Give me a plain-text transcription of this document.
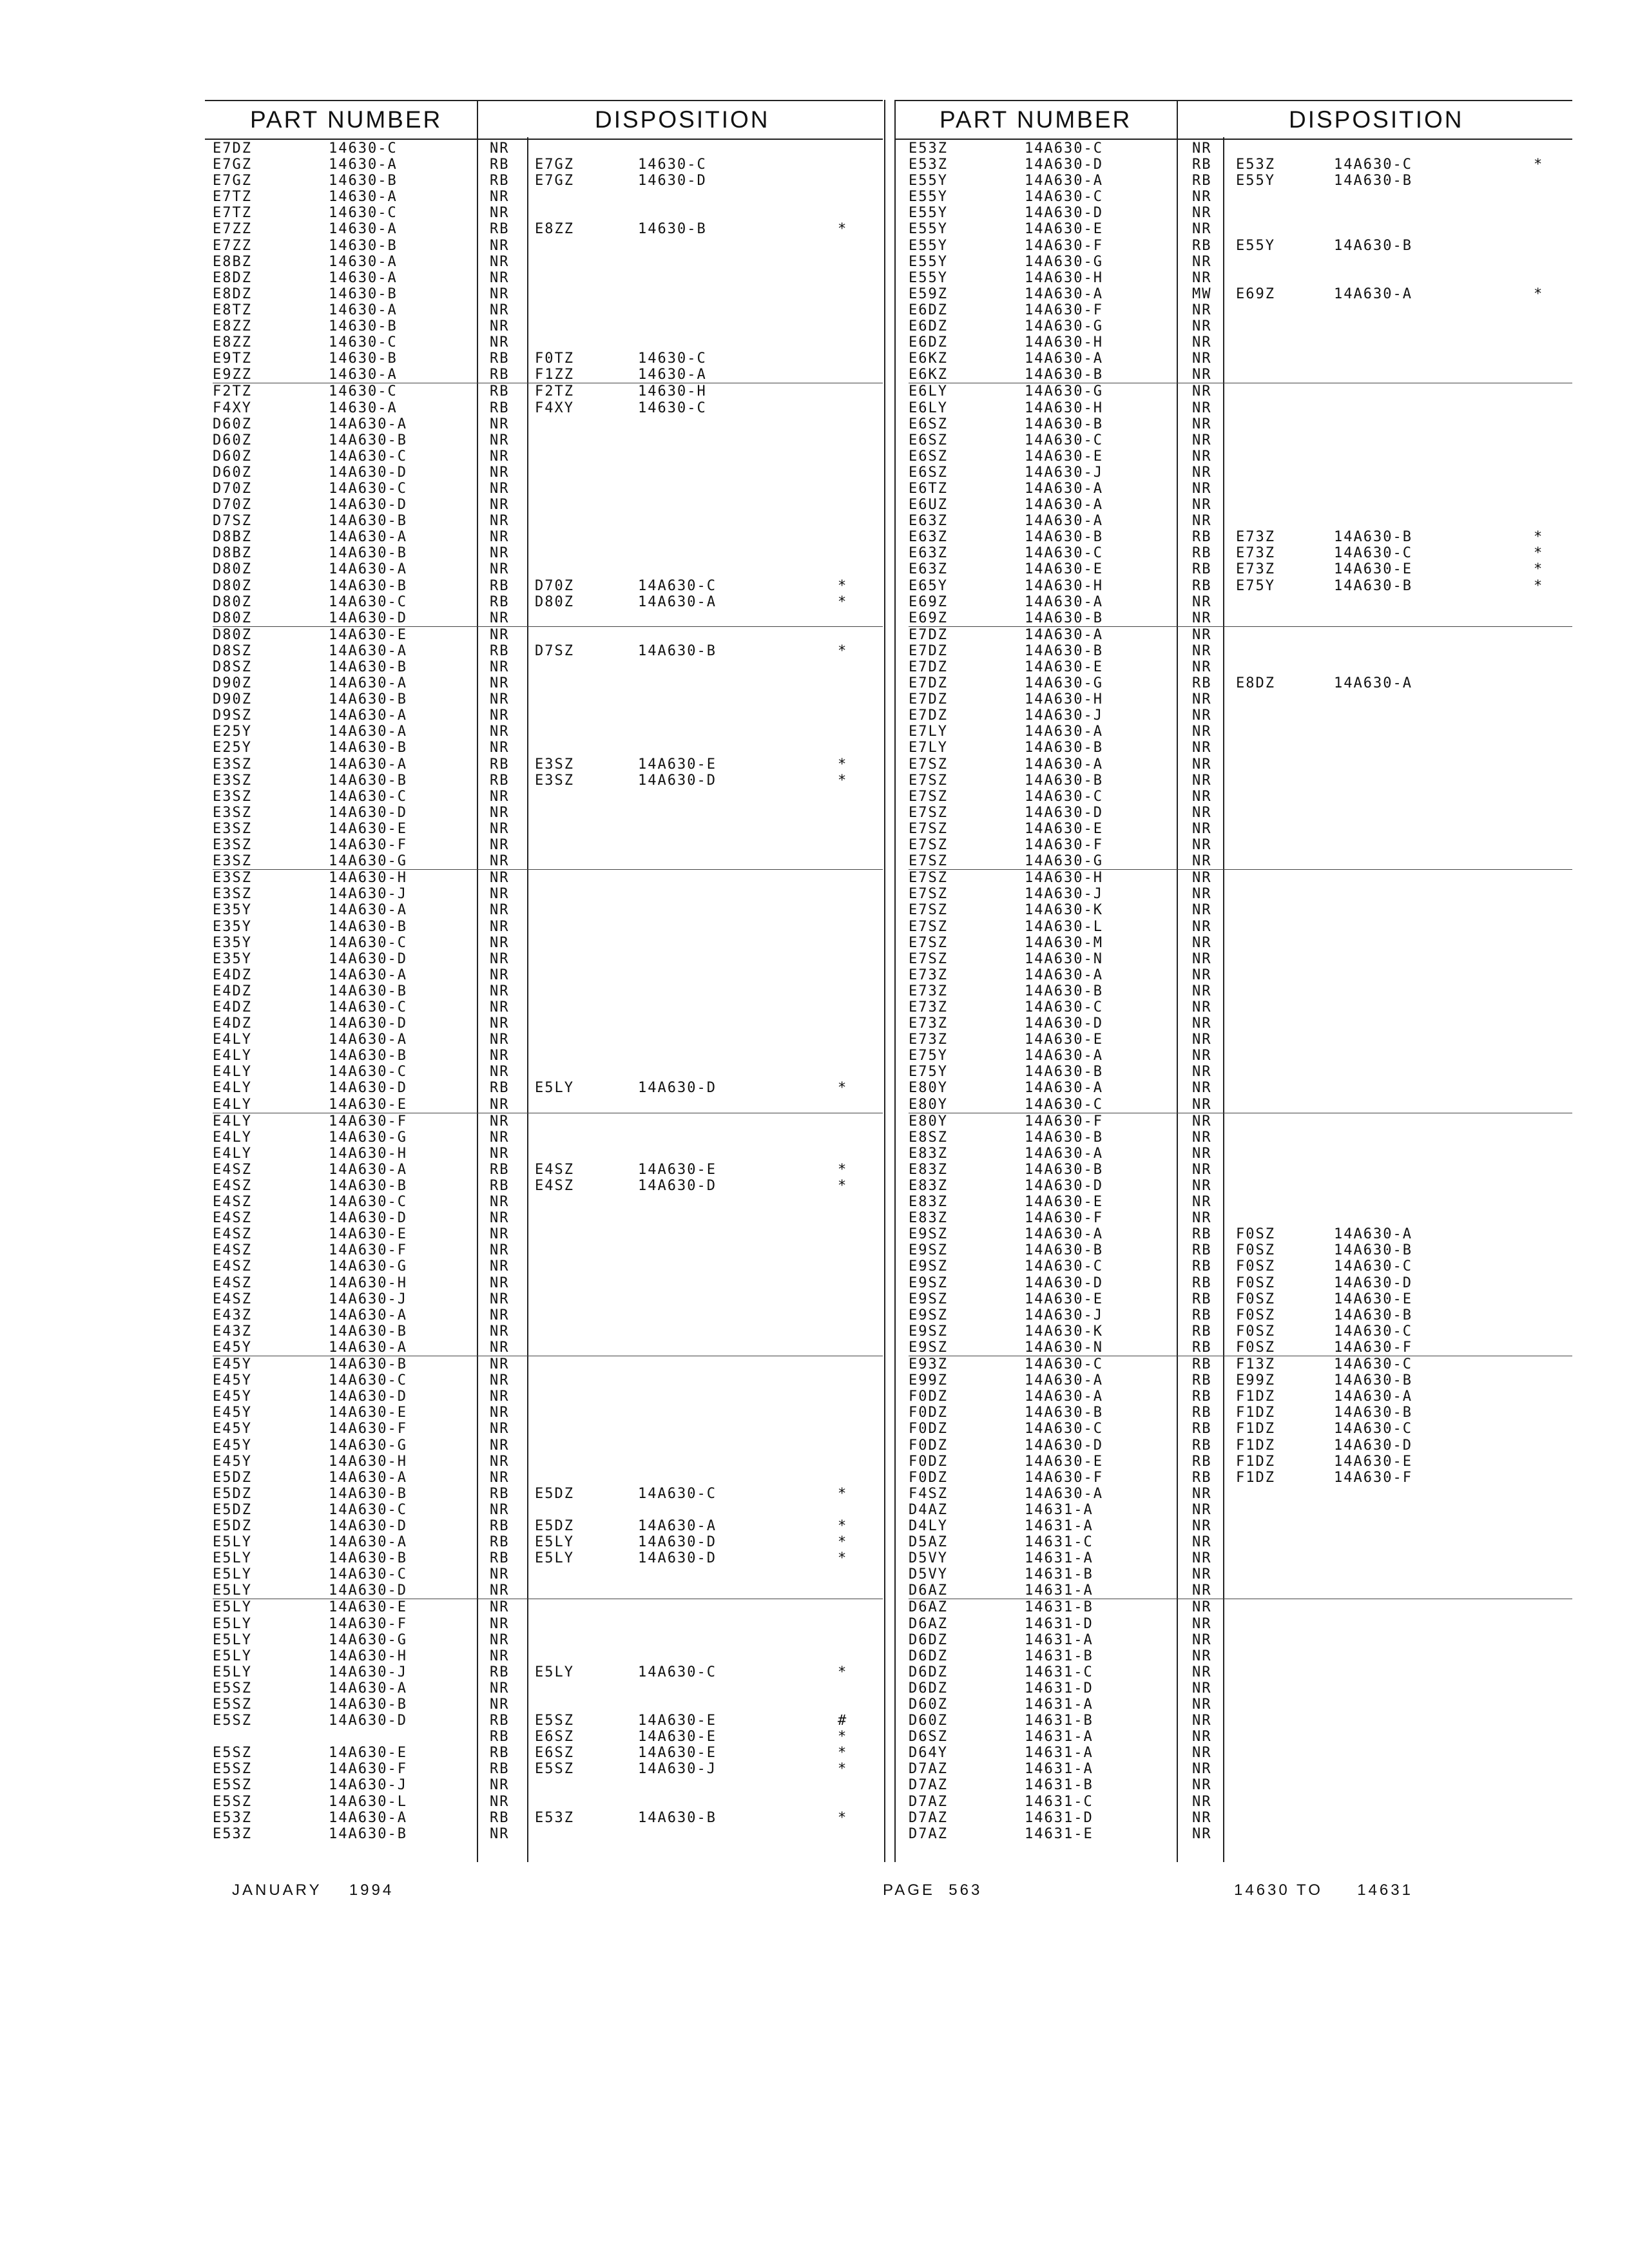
PART NUMBER	DISPOSITION	PART NUMBER	DISPOSITION
E7DZ	14630-C	NR
E7GZ	14630-A	RB E7GZ	14630-C
E7GZ	14630-B	RB E7GZ	14630-D
E7TZ	14630-A	NR
E7TZ	14630-C	NR
E7ZZ	14630-A	RB E8ZZ	14630-B	*
E7ZZ	14630-B	NR
E8BZ	14630-A	NR
E8DZ	14630-A	NR
E8DZ	14630-B	NR
E8TZ	14630-A	NR
E8ZZ	14630-B	NR
E8ZZ	14630-C	NR
E9TZ	14630-B	RB F0TZ	14630-C
E9ZZ	14630-A	RB F1ZZ	14630-A
F2TZ	14630-C	RB F2TZ	14630-H
F4XY	14630-A	RB F4XY	14630-C
D60Z	14A630-A	NR
D60Z	14A630-B	NR
D60Z	14A630-C	NR
D60Z	14A630-D	NR
D70Z	14A630-C	NR
D70Z	14A630-D	NR
D7SZ	14A630-B	NR
D8BZ	14A630-A	NR
D8BZ	14A630-B	NR
D80Z	14A630-A	NR
D80Z	14A630-B	RB D70Z	14A630-C	*
D80Z	14A630-C	RB D80Z	14A630-A	*
D80Z	14A630-D	NR
D80Z	14A630-E	NR
D8SZ	14A630-A	RB D7SZ	14A630-B	*
D8SZ	14A630-B	NR
D90Z	14A630-A	NR
D90Z	14A630-B	NR
D9SZ	14A630-A	NR
E25Y	14A630-A	NR
E25Y	14A630-B	NR
E3SZ	14A630-A	RB E3SZ	14A630-E	*
E3SZ	14A630-B	RB E3SZ	14A630-D	*
E3SZ	14A630-C	NR
E3SZ	14A630-D	NR
E3SZ	14A630-E	NR
E3SZ	14A630-F	NR
E3SZ	14A630-G	NR
E3SZ	14A630-H	NR
E3SZ	14A630-J	NR
E35Y	14A630-A	NR
E35Y	14A630-B	NR
E35Y	14A630-C	NR
E35Y	14A630-D	NR
E4DZ	14A630-A	NR
E4DZ	14A630-B	NR
E4DZ	14A630-C	NR
E4DZ	14A630-D	NR
E4LY	14A630-A	NR
E4LY	14A630-B	NR
E4LY	14A630-C	NR
E4LY	14A630-D	RB E5LY	14A630-D	*
E4LY	14A630-E	NR
E4LY	14A630-F	NR
E4LY	14A630-G	NR
E4LY	14A630-H	NR
E4SZ	14A630-A	RB E4SZ	14A630-E	*
E4SZ	14A630-B	RB E4SZ	14A630-D	*
E4SZ	14A630-C	NR
E4SZ	14A630-D	NR
E4SZ	14A630-E	NR
E4SZ	14A630-F	NR
E4SZ	14A630-G	NR
E4SZ	14A630-H	NR
E4SZ	14A630-J	NR
E43Z	14A630-A	NR
E43Z	14A630-B	NR
E45Y	14A630-A	NR
E45Y	14A630-B	NR
E45Y	14A630-C	NR
E45Y	14A630-D	NR
E45Y	14A630-E	NR
E45Y	14A630-F	NR
E45Y	14A630-G	NR
E45Y	14A630-H	NR
E5DZ	14A630-A	NR
E5DZ	14A630-B	RB E5DZ	14A630-C	*
E5DZ	14A630-C	NR
E5DZ	14A630-D	RB E5DZ	14A630-A	*
E5LY	14A630-A	RB E5LY	14A630-D	*
E5LY	14A630-B	RB E5LY	14A630-D	*
E5LY	14A630-C	NR
E5LY	14A630-D	NR
E5LY	14A630-E	NR
E5LY	14A630-F	NR
E5LY	14A630-G	NR
E5LY	14A630-H	NR
E5LY	14A630-J	RB E5LY	14A630-C	*
E5SZ	14A630-A	NR
E5SZ	14A630-B	NR
E5SZ	14A630-D	RB E5SZ	14A630-E	#
RB E6SZ	14A630-E	*
E5SZ	14A630-E	RB E6SZ	14A630-E	*
E5SZ	14A630-F	RB E5SZ	14A630-J	*
E5SZ	14A630-J	NR
E5SZ	14A630-L	NR
E53Z	14A630-A	RB E53Z	14A630-B	*
E53Z	14A630-B	NR
E53Z	14A630-C	NR
E53Z	14A630-D	RB E53Z	14A630-C	*
E55Y	14A630-A	RB E55Y	14A630-B
E55Y	14A630-C	NR
E55Y	14A630-D	NR
E55Y	14A630-E	NR
E55Y	14A630-F	RB E55Y	14A630-B
E55Y	14A630-G	NR
E55Y	14A630-H	NR
E59Z	14A630-A	MW E69Z	14A630-A	*
E6DZ	14A630-F	NR
E6DZ	14A630-G	NR
E6DZ	14A630-H	NR
E6KZ	14A630-A	NR
E6KZ	14A630-B	NR
E6LY	14A630-G	NR
E6LY	14A630-H	NR
E6SZ	14A630-B	NR
E6SZ	14A630-C	NR
E6SZ	14A630-E	NR
E6SZ	14A630-J	NR
E6TZ	14A630-A	NR
E6UZ	14A630-A	NR
E63Z	14A630-A	NR
E63Z	14A630-B	RB E73Z	14A630-B	*
E63Z	14A630-C	RB E73Z	14A630-C	*
E63Z	14A630-E	RB E73Z	14A630-E	*
E65Y	14A630-H	RB E75Y	14A630-B	*
E69Z	14A630-A	NR
E69Z	14A630-B	NR
E7DZ	14A630-A	NR
E7DZ	14A630-B	NR
E7DZ	14A630-E	NR
E7DZ	14A630-G	RB E8DZ	14A630-A
E7DZ	14A630-H	NR
E7DZ	14A630-J	NR
E7LY	14A630-A	NR
E7LY	14A630-B	NR
E7SZ	14A630-A	NR
E7SZ	14A630-B	NR
E7SZ	14A630-C	NR
E7SZ	14A630-D	NR
E7SZ	14A630-E	NR
E7SZ	14A630-F	NR
E7SZ	14A630-G	NR
E7SZ	14A630-H	NR
E7SZ	14A630-J	NR
E7SZ	14A630-K	NR
E7SZ	14A630-L	NR
E7SZ	14A630-M	NR
E7SZ	14A630-N	NR
E73Z	14A630-A	NR
E73Z	14A630-B	NR
E73Z	14A630-C	NR
E73Z	14A630-D	NR
E73Z	14A630-E	NR
E75Y	14A630-A	NR
E75Y	14A630-B	NR
E80Y	14A630-A	NR
E80Y	14A630-C	NR
E80Y	14A630-F	NR
E8SZ	14A630-B	NR
E83Z	14A630-A	NR
E83Z	14A630-B	NR
E83Z	14A630-D	NR
E83Z	14A630-E	NR
E83Z	14A630-F	NR
E9SZ	14A630-A	RB F0SZ	14A630-A
E9SZ	14A630-B	RB F0SZ	14A630-B
E9SZ	14A630-C	RB F0SZ	14A630-C
E9SZ	14A630-D	RB F0SZ	14A630-D
E9SZ	14A630-E	RB F0SZ	14A630-E
E9SZ	14A630-J	RB F0SZ	14A630-B
E9SZ	14A630-K	RB F0SZ	14A630-C
E9SZ	14A630-N	RB F0SZ	14A630-F
E93Z	14A630-C	RB F13Z	14A630-C
E99Z	14A630-A	RB E99Z	14A630-B
F0DZ	14A630-A	RB F1DZ	14A630-A
F0DZ	14A630-B	RB F1DZ	14A630-B
F0DZ	14A630-C	RB F1DZ	14A630-C
F0DZ	14A630-D	RB F1DZ	14A630-D
F0DZ	14A630-E	RB F1DZ	14A630-E
F0DZ	14A630-F	RB F1DZ	14A630-F
F4SZ	14A630-A	NR
D4AZ	14631-A	NR
D4LY	14631-A	NR
D5AZ	14631-C	NR
D5VY	14631-A	NR
D5VY	14631-B	NR
D6AZ	14631-A	NR
D6AZ	14631-B	NR
D6AZ	14631-D	NR
D6DZ	14631-A	NR
D6DZ	14631-B	NR
D6DZ	14631-C	NR
D6DZ	14631-D	NR
D60Z	14631-A	NR
D60Z	14631-B	NR
D6SZ	14631-A	NR
D64Y	14631-A	NR
D7AZ	14631-A	NR
D7AZ	14631-B	NR
D7AZ	14631-C	NR
D7AZ	14631-D	NR
D7AZ	14631-E	NR
JANUARY    1994	PAGE  563	14630 TO     14631
